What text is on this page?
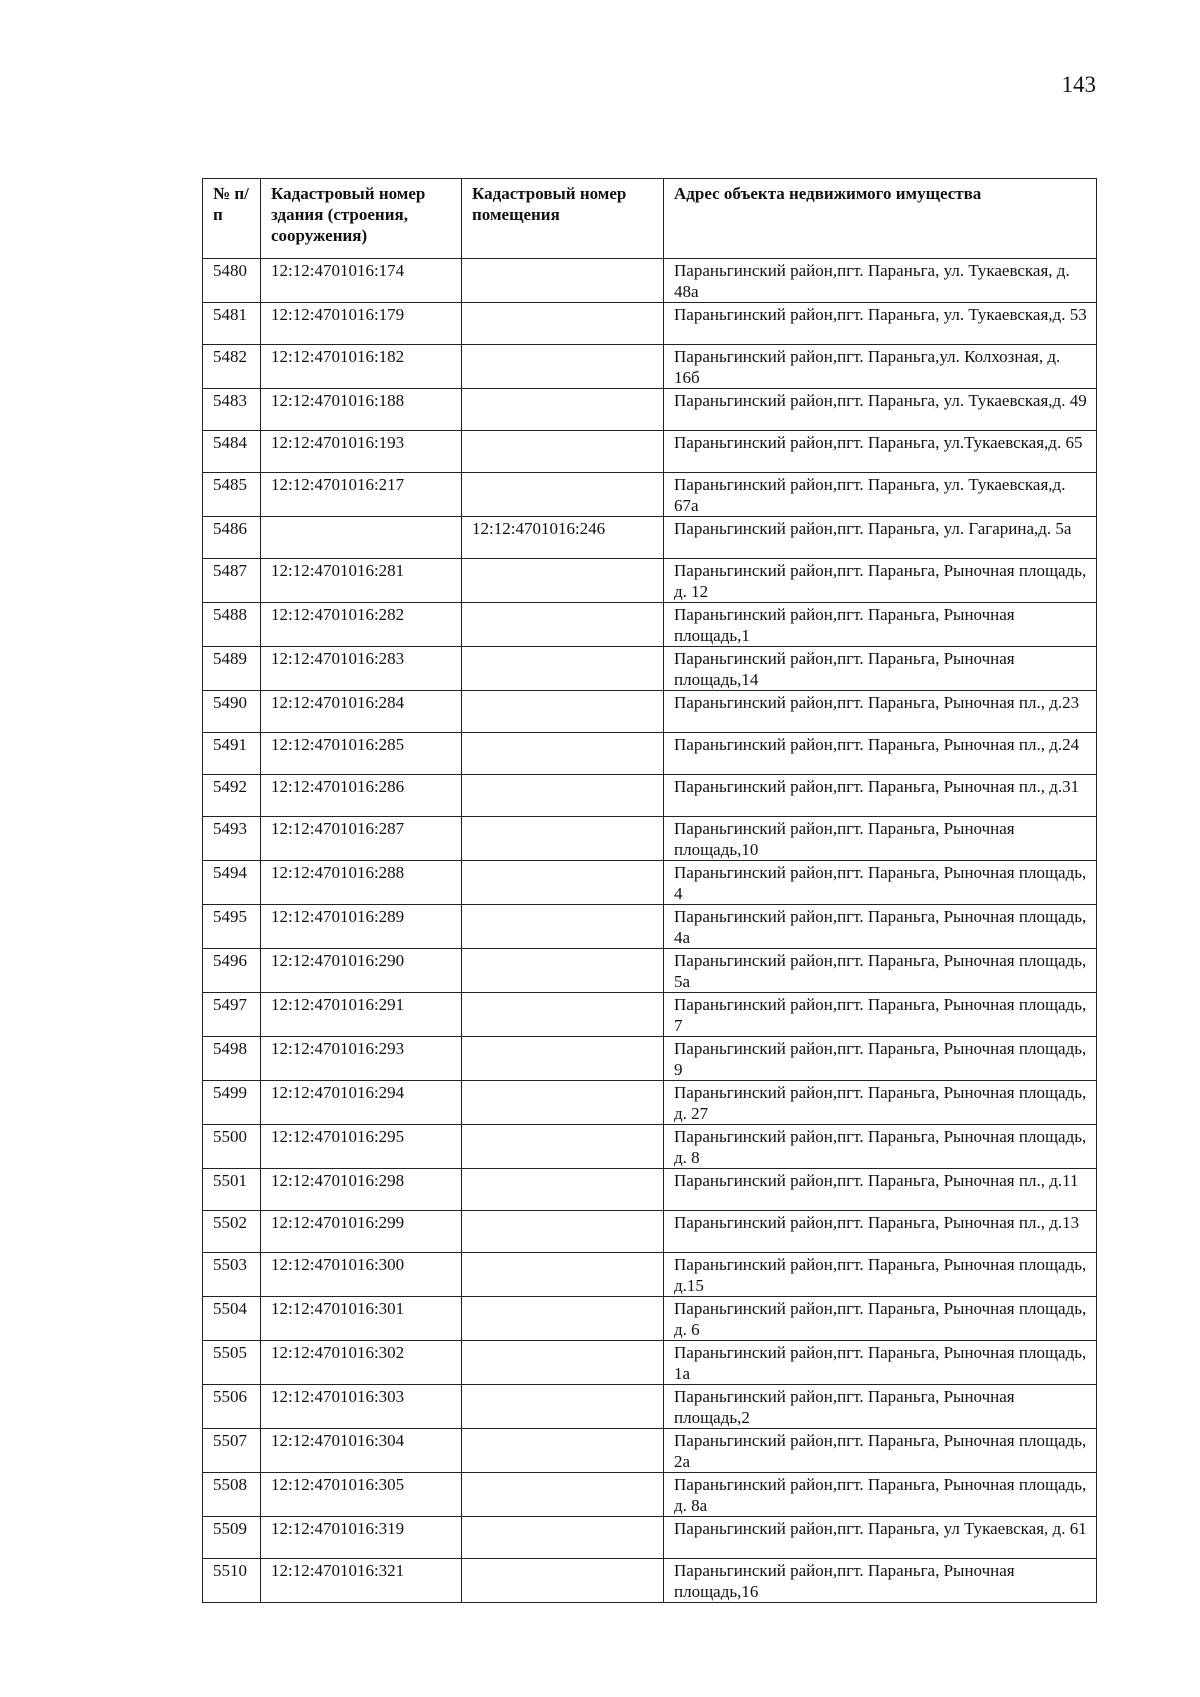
143
№ п/п	Кадастровый номер здания (строения, сооружения)	Кадастровый номер помещения	Адрес объекта недвижимого имущества
5480	12:12:4701016:174		Параньгинский район,пгт. Параньга, ул. Тукаевская, д. 48а
5481	12:12:4701016:179		Параньгинский район,пгт. Параньга, ул. Тукаевская,д. 53
5482	12:12:4701016:182		Параньгинский район,пгт. Параньга,ул. Колхозная, д. 16б
5483	12:12:4701016:188		Параньгинский район,пгт. Параньга, ул. Тукаевская,д. 49
5484	12:12:4701016:193		Параньгинский район,пгт. Параньга, ул.Тукаевская,д. 65
5485	12:12:4701016:217		Параньгинский район,пгт. Параньга, ул. Тукаевская,д. 67а
5486		12:12:4701016:246	Параньгинский район,пгт. Параньга, ул. Гагарина,д. 5а
5487	12:12:4701016:281		Параньгинский район,пгт. Параньга, Рыночная площадь, д. 12
5488	12:12:4701016:282		Параньгинский район,пгт. Параньга, Рыночная площадь,1
5489	12:12:4701016:283		Параньгинский район,пгт. Параньга, Рыночная площадь,14
5490	12:12:4701016:284		Параньгинский район,пгт. Параньга, Рыночная пл., д.23
5491	12:12:4701016:285		Параньгинский район,пгт. Параньга, Рыночная пл., д.24
5492	12:12:4701016:286		Параньгинский район,пгт. Параньга, Рыночная пл., д.31
5493	12:12:4701016:287		Параньгинский район,пгт. Параньга, Рыночная площадь,10
5494	12:12:4701016:288		Параньгинский район,пгт. Параньга, Рыночная площадь, 4
5495	12:12:4701016:289		Параньгинский район,пгт. Параньга, Рыночная площадь, 4а
5496	12:12:4701016:290		Параньгинский район,пгт. Параньга, Рыночная площадь, 5а
5497	12:12:4701016:291		Параньгинский район,пгт. Параньга, Рыночная площадь, 7
5498	12:12:4701016:293		Параньгинский район,пгт. Параньга, Рыночная площадь, 9
5499	12:12:4701016:294		Параньгинский район,пгт. Параньга, Рыночная площадь, д. 27
5500	12:12:4701016:295		Параньгинский район,пгт. Параньга, Рыночная площадь, д. 8
5501	12:12:4701016:298		Параньгинский район,пгт. Параньга, Рыночная пл., д.11
5502	12:12:4701016:299		Параньгинский район,пгт. Параньга, Рыночная пл., д.13
5503	12:12:4701016:300		Параньгинский район,пгт. Параньга, Рыночная площадь, д.15
5504	12:12:4701016:301		Параньгинский район,пгт. Параньга, Рыночная площадь, д. 6
5505	12:12:4701016:302		Параньгинский район,пгт. Параньга, Рыночная площадь, 1а
5506	12:12:4701016:303		Параньгинский район,пгт. Параньга, Рыночная площадь,2
5507	12:12:4701016:304		Параньгинский район,пгт. Параньга, Рыночная площадь, 2а
5508	12:12:4701016:305		Параньгинский район,пгт. Параньга, Рыночная площадь, д. 8а
5509	12:12:4701016:319		Параньгинский район,пгт. Параньга, ул Тукаевская, д. 61
5510	12:12:4701016:321		Параньгинский район,пгт. Параньга, Рыночная площадь,16
